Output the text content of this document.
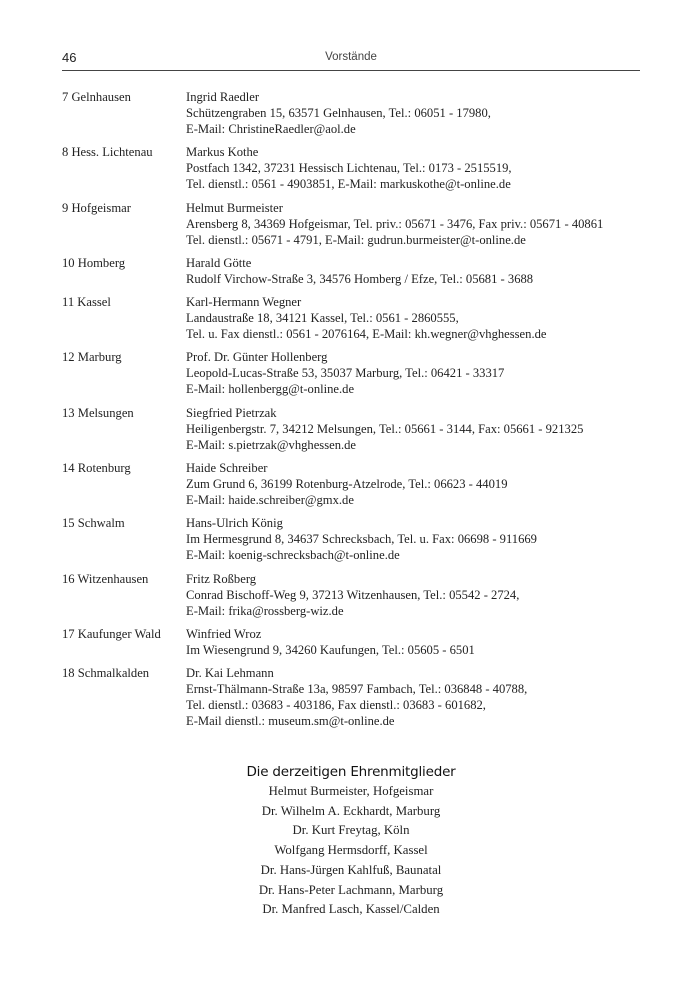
46	Vorstände
7 Gelnhausen	Ingrid Raedler
Schützengraben 15, 63571 Gelnhausen, Tel.: 06051 - 17980,
E-Mail: ChristineRaedler@aol.de
8 Hess. Lichtenau	Markus Kothe
Postfach 1342, 37231 Hessisch Lichtenau, Tel.: 0173 - 2515519,
Tel. dienstl.: 0561 - 4903851, E-Mail: markuskothe@t-online.de
9 Hofgeismar	Helmut Burmeister
Arensberg 8, 34369 Hofgeismar, Tel. priv.: 05671 - 3476, Fax priv.: 05671 - 40861
Tel. dienstl.: 05671 - 4791, E-Mail: gudrun.burmeister@t-online.de
10 Homberg	Harald Götte
Rudolf Virchow-Straße 3, 34576 Homberg / Efze, Tel.: 05681 - 3688
11 Kassel	Karl-Hermann Wegner
Landaustraße 18, 34121 Kassel, Tel.: 0561 - 2860555,
Tel. u. Fax dienstl.: 0561 - 2076164, E-Mail: kh.wegner@vhghessen.de
12 Marburg	Prof. Dr. Günter Hollenberg
Leopold-Lucas-Straße 53, 35037 Marburg, Tel.: 06421 - 33317
E-Mail: hollenbergg@t-online.de
13 Melsungen	Siegfried Pietrzak
Heiligenbergstr. 7, 34212 Melsungen, Tel.: 05661 - 3144, Fax: 05661 - 921325
E-Mail: s.pietrzak@vhghessen.de
14 Rotenburg	Haide Schreiber
Zum Grund 6, 36199 Rotenburg-Atzelrode, Tel.: 06623 - 44019
E-Mail: haide.schreiber@gmx.de
15 Schwalm	Hans-Ulrich König
Im Hermesgrund 8, 34637 Schrecksbach, Tel. u. Fax: 06698 - 911669
E-Mail: koenig-schrecksbach@t-online.de
16 Witzenhausen	Fritz Roßberg
Conrad Bischoff-Weg 9, 37213 Witzenhausen, Tel.: 05542 - 2724,
E-Mail: frika@rossberg-wiz.de
17 Kaufunger Wald	Winfried Wroz
Im Wiesengrund 9, 34260 Kaufungen, Tel.: 05605 - 6501
18 Schmalkalden	Dr. Kai Lehmann
Ernst-Thälmann-Straße 13a, 98597 Fambach, Tel.: 036848 - 40788,
Tel. dienstl.: 03683 - 403186, Fax dienstl.: 03683 - 601682,
E-Mail dienstl.: museum.sm@t-online.de
Die derzeitigen Ehrenmitglieder
Helmut Burmeister, Hofgeismar
Dr. Wilhelm A. Eckhardt, Marburg
Dr. Kurt Freytag, Köln
Wolfgang Hermsdorff, Kassel
Dr. Hans-Jürgen Kahlfuß, Baunatal
Dr. Hans-Peter Lachmann, Marburg
Dr. Manfred Lasch, Kassel/Calden
